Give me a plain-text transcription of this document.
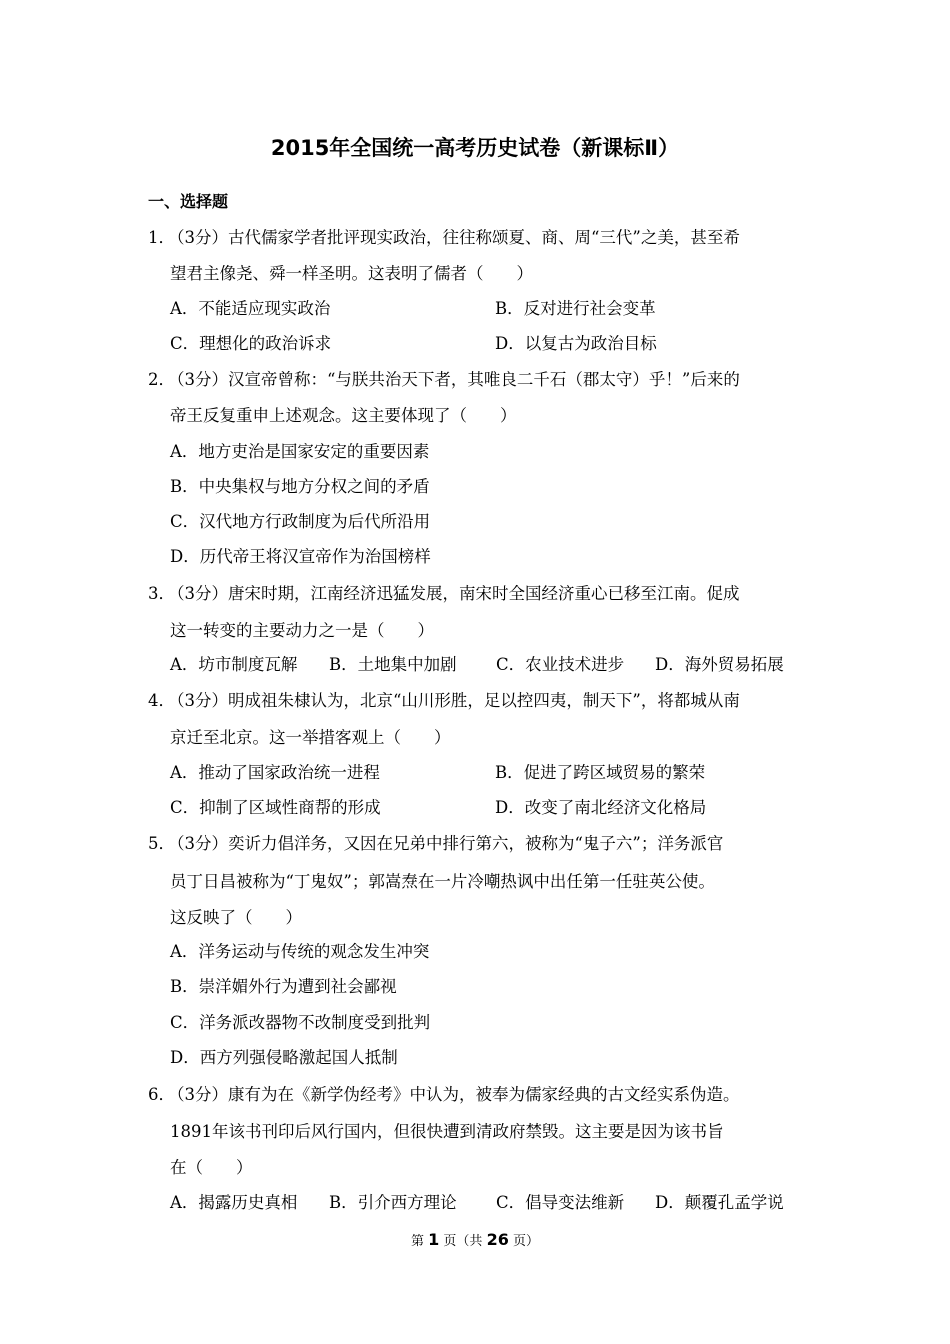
2015年全国统一高考历史试卷（新课标Ⅱ）
一、选择题
1．
（3分）古代儒家学者批评现实政治，往往称颂夏、商、周“三代”之美，甚至希
望君主像尧、舜一样圣明。这表明了儒者（　　）
A．不能适应现实政治	B．反对进行社会变革
C．理想化的政治诉求	D．以复古为政治目标
2．
（3分）汉宣帝曾称：“与朕共治天下者，其唯良二千石（郡太守）乎！”后来的
帝王反复重申上述观念。这主要体现了（　　）
A．地方吏治是国家安定的重要因素
B．中央集权与地方分权之间的矛盾
C．汉代地方行政制度为后代所沿用
D．历代帝王将汉宣帝作为治国榜样
3．
（3分）唐宋时期，江南经济迅猛发展，南宋时全国经济重心已移至江南。促成
这一转变的主要动力之一是（　　）
A．坊市制度瓦解 B．土地集中加剧 C．农业技术进步 D．海外贸易拓展
4．
（3分）明成祖朱棣认为，北京“山川形胜，足以控四夷，制天下”，将都城从南
京迁至北京。这一举措客观上（　　）
A．推动了国家政治统一进程	B．促进了跨区域贸易的繁荣
C．抑制了区域性商帮的形成	D．改变了南北经济文化格局
5．
（3分）奕䜣力倡洋务，又因在兄弟中排行第六，被称为“鬼子六”；洋务派官
员丁日昌被称为“丁鬼奴”；郭嵩焘在一片冷嘲热讽中出任第一任驻英公使。
这反映了（　　）
A．洋务运动与传统的观念发生冲突
B．崇洋媚外行为遭到社会鄙视
C．洋务派改器物不改制度受到批判
D．西方列强侵略激起国人抵制
6．
（3分）康有为在《新学伪经考》中认为，被奉为儒家经典的古文经实系伪造。
1891年该书刊印后风行国内，但很快遭到清政府禁毁。这主要是因为该书旨
在（　　）
A．揭露历史真相 B．引介西方理论 C．倡导变法维新 D．颠覆孔孟学说
第 1 页（共 26 页）
